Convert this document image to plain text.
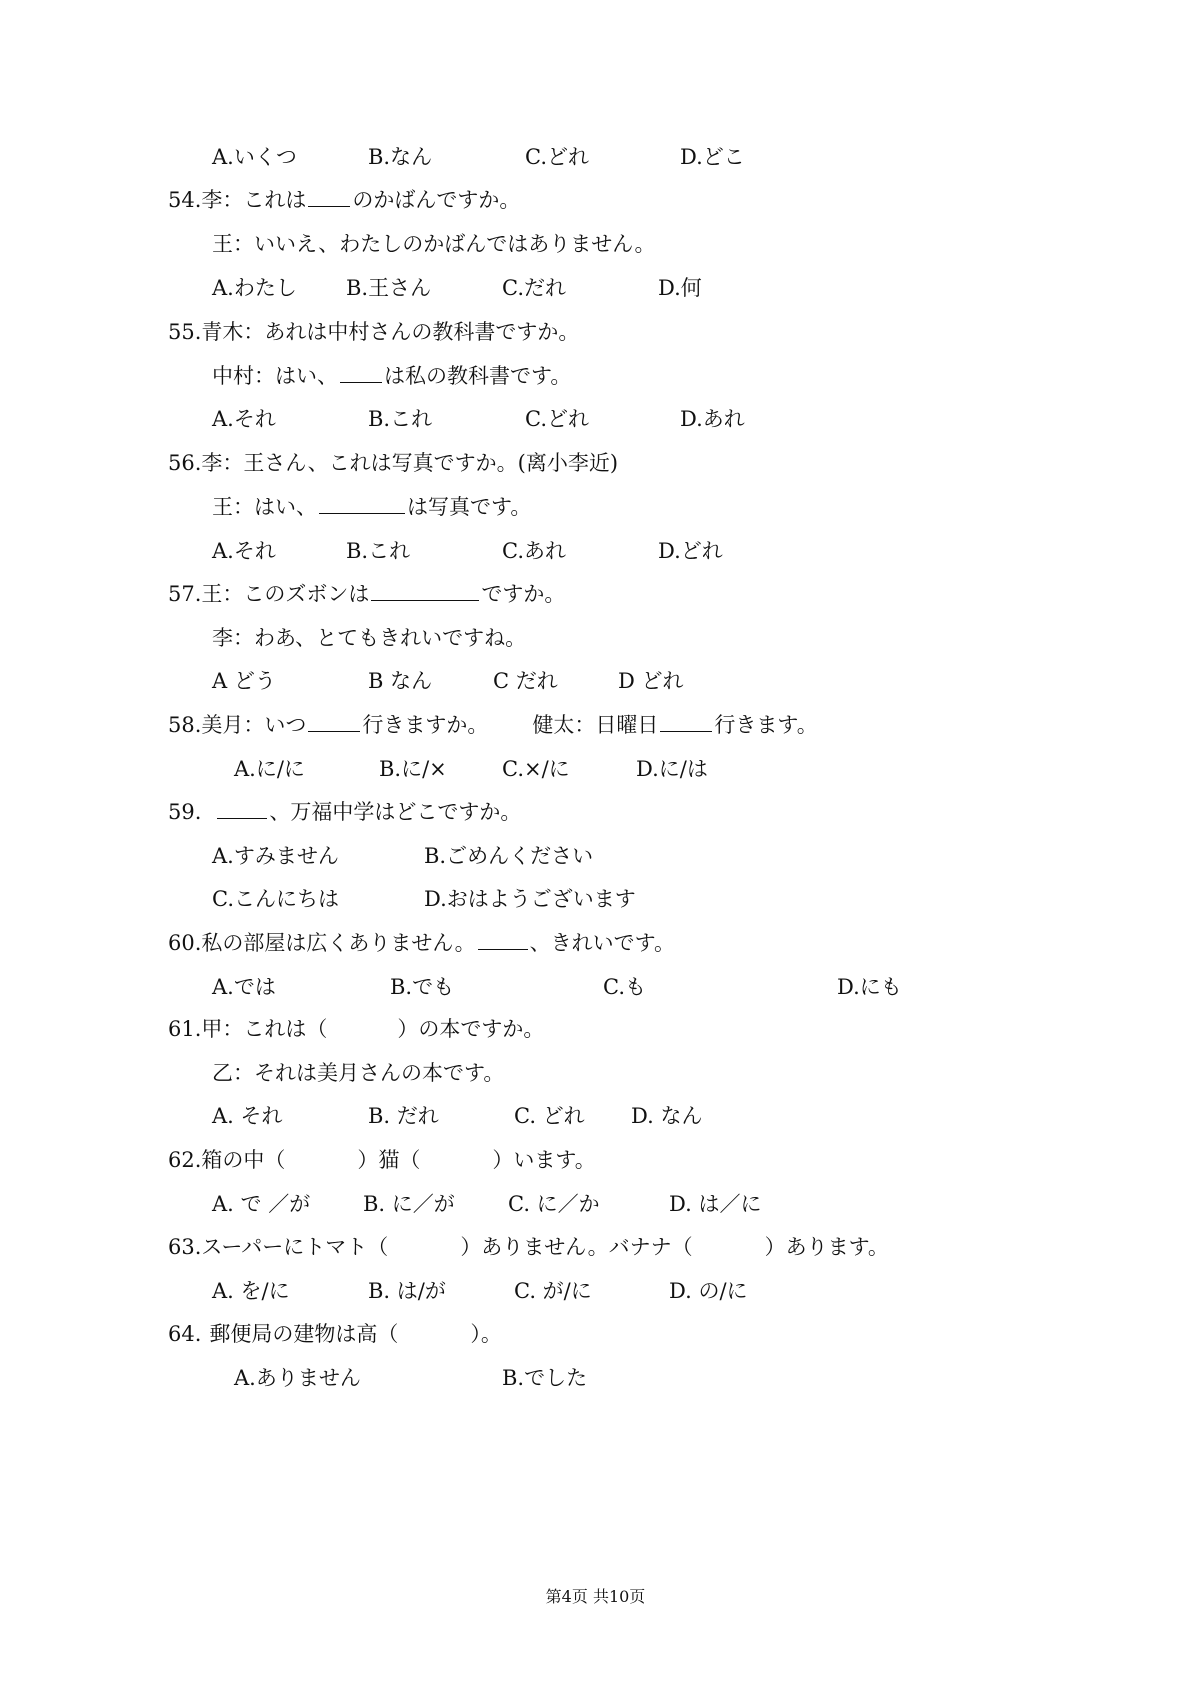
A.いくつ	B.なん	C.どれ	D.どこ
54.李：これは のかばんですか。
王：いいえ、わたしのかばんではありません。
A.わたし B.王さん	C.だれ	D.何
55.青木：あれは中村さんの教科書ですか。
中村：はい、 は私の教科書です。
A.それ	B.これ	C.どれ	D.あれ
56.李：王さん、これは写真ですか。(离小李近)
王：はい、	は写真です。
A.それ	B.これ	C.あれ	D.どれ
57.王：このズボンは	ですか。
李：わあ、とてもきれいですね。
A どう	B なん	C だれ	D どれ
58.美月：いつ	行きますか。 健太：日曜日	行きます。
A.に/に	B.に/×	C.×/に	D.に/は
59.	、万福中学はどこですか。
A.すみません	B.ごめんください
C.こんにちは	D.おはようございます
60.私の部屋は広くありません。	、きれいです。
A.では	B.でも	C.も	D.にも
61.甲：これは（	）の本ですか。
乙：それは美月さんの本です。
A. それ	B. だれ	C. どれ D. なん
62.箱の中（	）猫（	）います。
A. で ／が	B. に／が	C. に／か	D. は／に
63.スーパーにトマト（	）ありません。バナナ（	）あります。
A. を/に	B. は/が	C. が/に	D. の/に
64. 郵便局の建物は高（	）。
A.ありません	B.でした
第4页 共10页
